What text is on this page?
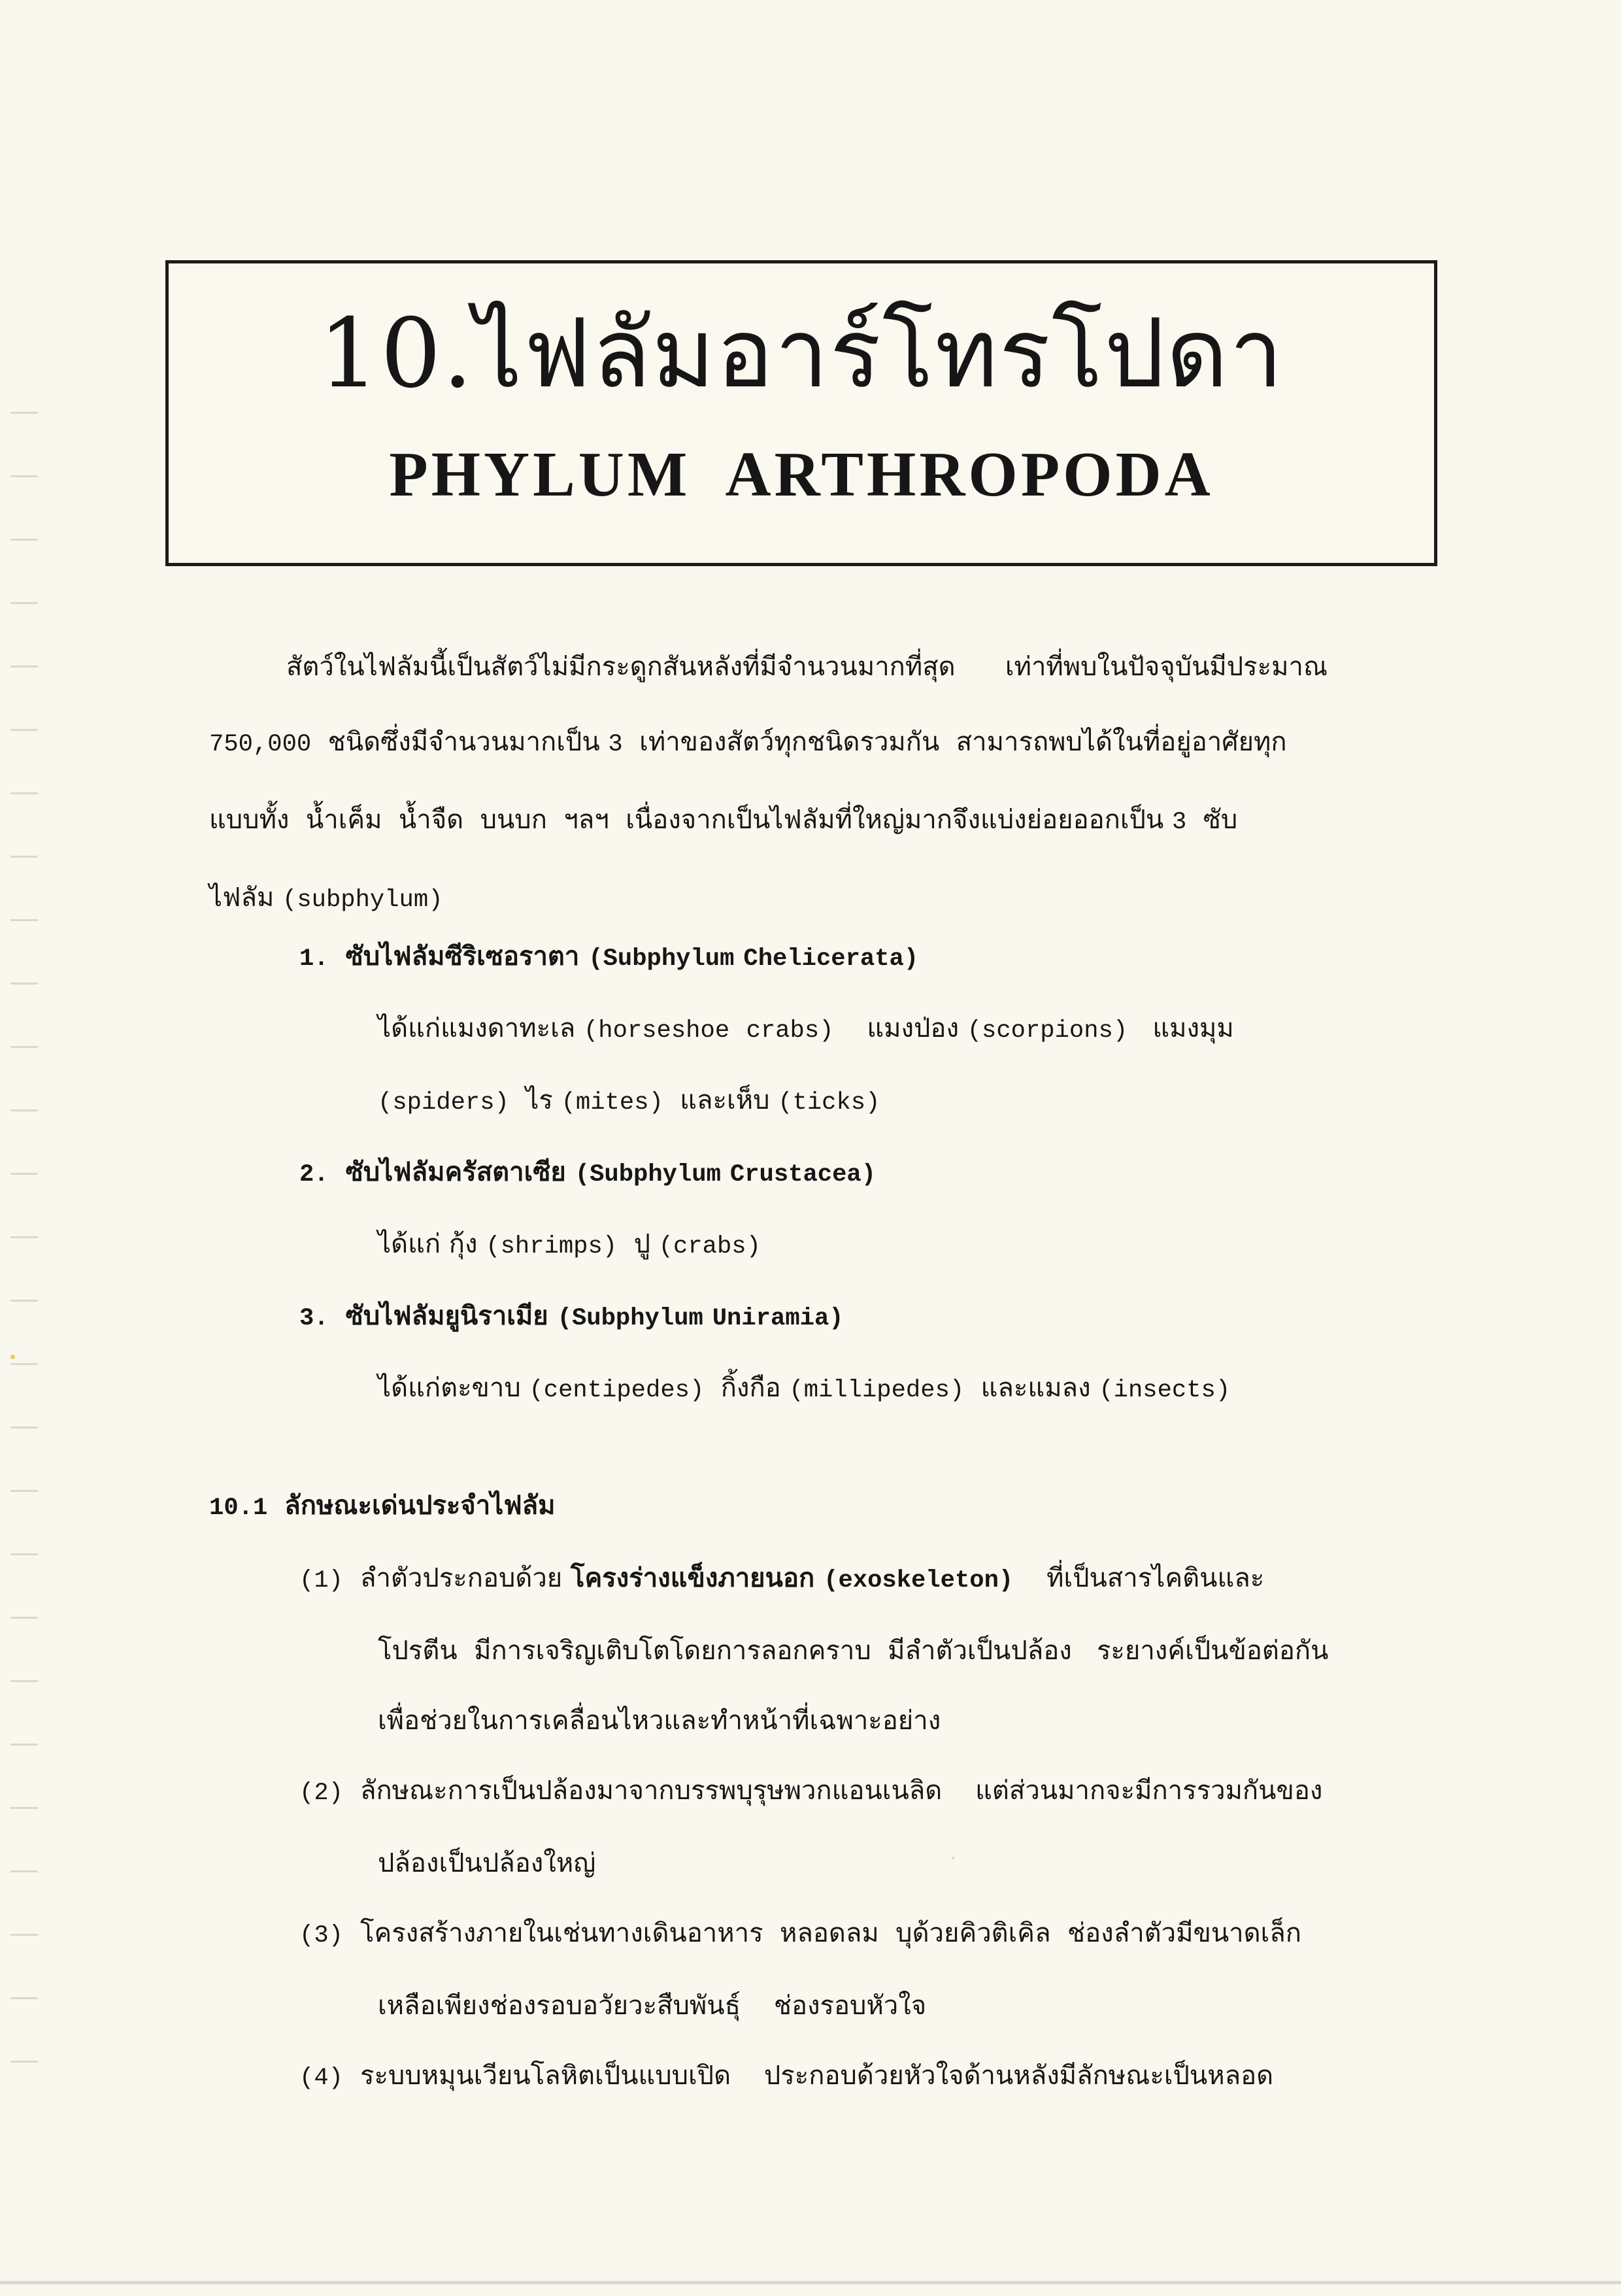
10.ไฟลัมอาร์โทรโปดา
PHYLUM  ARTHROPODA
สัตว์ในไฟลัมนี้เป็นสัตว์ไม่มีกระดูกสันหลังที่มีจำนวนมากที่สุด      เท่าที่พบในปัจจุบันมีประมาณ
750,000  ชนิดซึ่งมีจำนวนมากเป็น 3  เท่าของสัตว์ทุกชนิดรวมกัน  สามารถพบได้ในที่อยู่อาศัยทุก
แบบทั้ง  น้ำเค็ม  น้ำจืด  บนบก  ฯลฯ  เนื่องจากเป็นไฟลัมที่ใหญ่มากจึงแบ่งย่อยออกเป็น 3  ซับ
ไฟลัม (subphylum)
1. ซับไฟลัมซีริเซอราตา (Subphylum Chelicerata)
ได้แก่แมงดาทะเล (horseshoe crabs)    แมงป่อง (scorpions)   แมงมุม
(spiders)  ไร (mites)  และเห็บ (ticks)
2. ซับไฟลัมครัสตาเซีย (Subphylum Crustacea)
ได้แก่ กุ้ง (shrimps)  ปู (crabs)
3. ซับไฟลัมยูนิราเมีย (Subphylum Uniramia)
ได้แก่ตะขาบ (centipedes)  กิ้งกือ (millipedes)  และแมลง (insects)
10.1 ลักษณะเด่นประจำไฟลัม
(1) ลำตัวประกอบด้วย โครงร่างแข็งภายนอก (exoskeleton)    ที่เป็นสารไคตินและ
โปรตีน  มีการเจริญเติบโตโดยการลอกคราบ  มีลำตัวเป็นปล้อง   ระยางค์เป็นข้อต่อกัน
เพื่อช่วยในการเคลื่อนไหวและทำหน้าที่เฉพาะอย่าง
(2) ลักษณะการเป็นปล้องมาจากบรรพบุรุษพวกแอนเนลิด    แต่ส่วนมากจะมีการรวมกันของ
ปล้องเป็นปล้องใหญ่
(3) โครงสร้างภายในเช่นทางเดินอาหาร  หลอดลม  บุด้วยคิวติเคิล  ช่องลำตัวมีขนาดเล็ก
เหลือเพียงช่องรอบอวัยวะสืบพันธุ์    ช่องรอบหัวใจ
(4) ระบบหมุนเวียนโลหิตเป็นแบบเปิด    ประกอบด้วยหัวใจด้านหลังมีลักษณะเป็นหลอด
